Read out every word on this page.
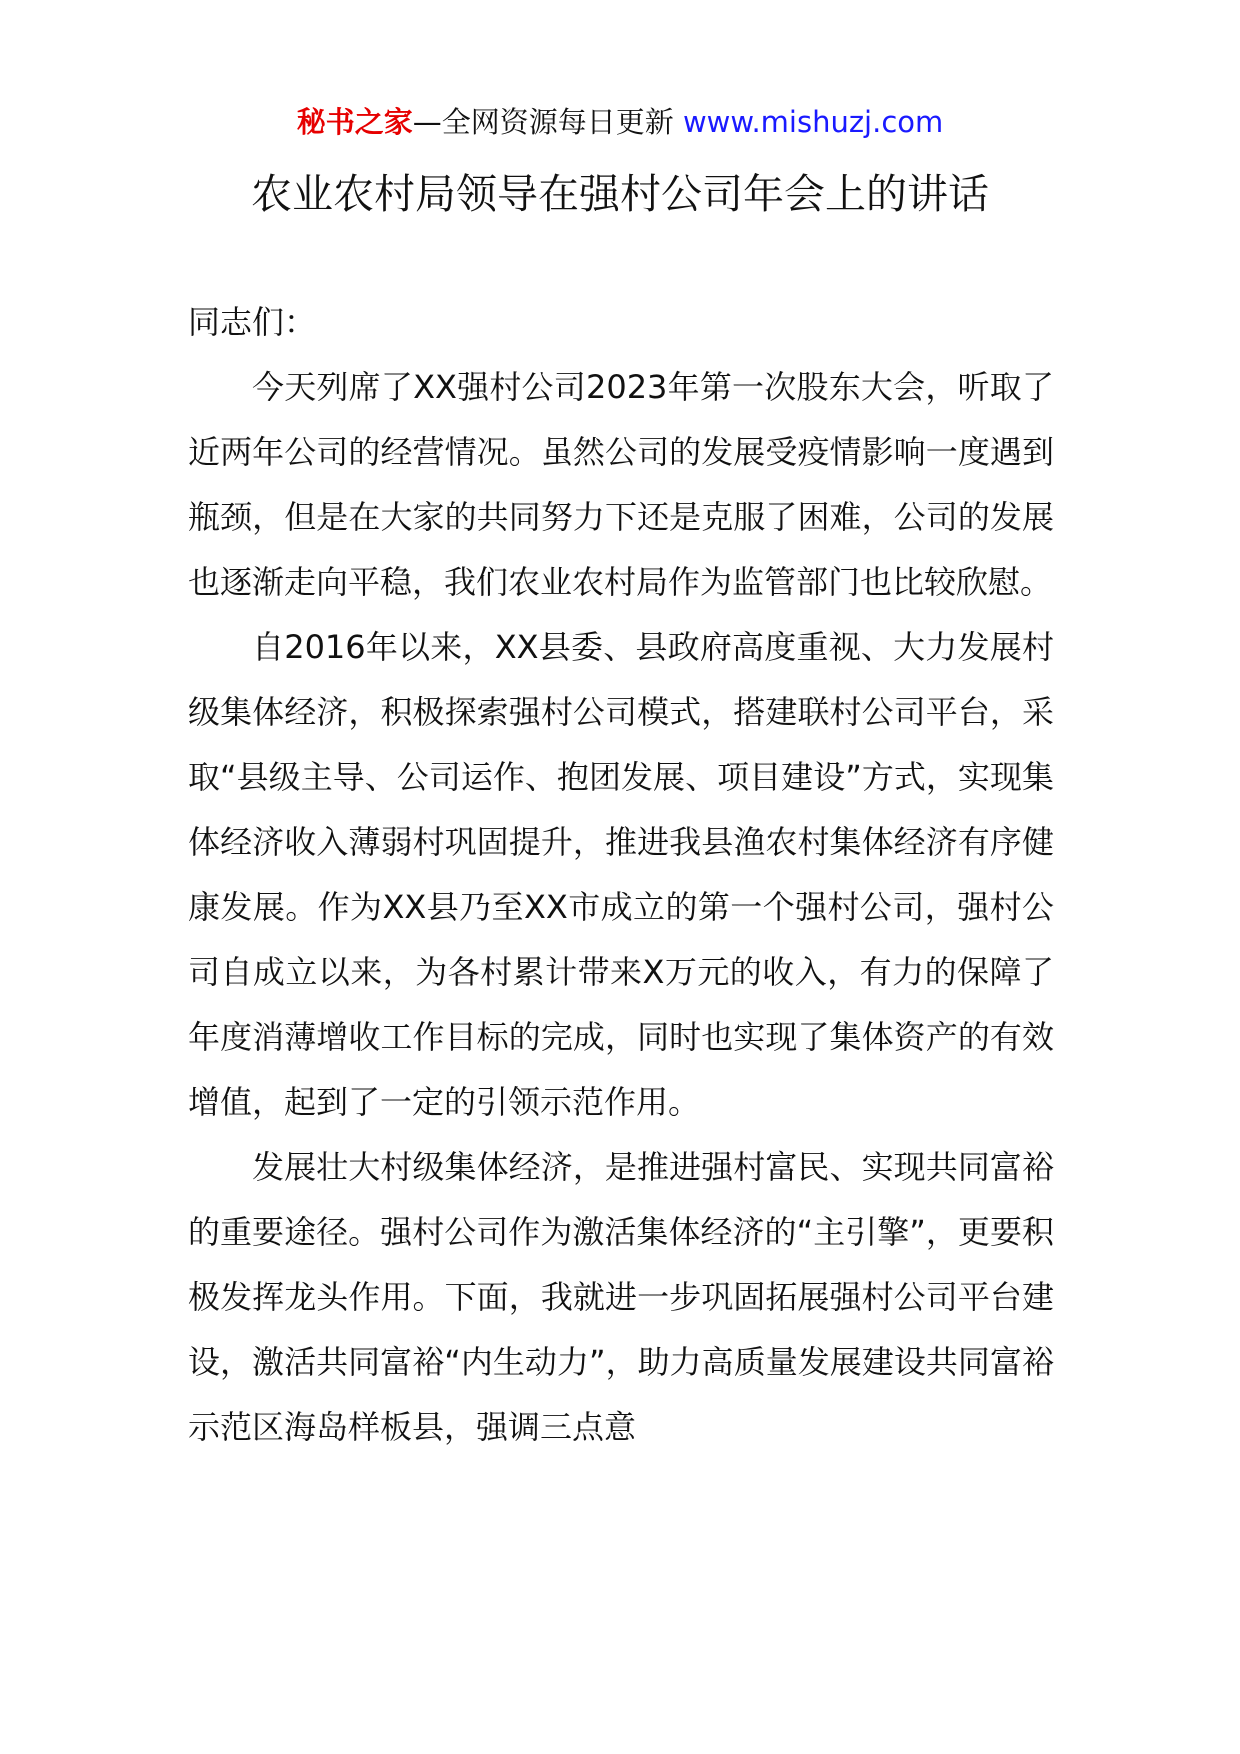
秘书之家—全网资源每日更新 www.mishuzj.com
农业农村局领导在强村公司年会上的讲话

同志们：

今天列席了XX强村公司2023年第一次股东大会，听取了近两年公司的经营情况。虽然公司的发展受疫情影响一度遇到瓶颈，但是在大家的共同努力下还是克服了困难，公司的发展也逐渐走向平稳，我们农业农村局作为监管部门也比较欣慰。

自2016年以来，XX县委、县政府高度重视、大力发展村级集体经济，积极探索强村公司模式，搭建联村公司平台，采取“县级主导、公司运作、抱团发展、项目建设”方式，实现集体经济收入薄弱村巩固提升，推进我县渔农村集体经济有序健康发展。作为XX县乃至XX市成立的第一个强村公司，强村公司自成立以来，为各村累计带来X万元的收入，有力的保障了年度消薄增收工作目标的完成，同时也实现了集体资产的有效增值，起到了一定的引领示范作用。

发展壮大村级集体经济，是推进强村富民、实现共同富裕的重要途径。强村公司作为激活集体经济的“主引擎”，更要积极发挥龙头作用。下面，我就进一步巩固拓展强村公司平台建设，激活共同富裕“内生动力”，助力高质量发展建设共同富裕示范区海岛样板县，强调三点意
